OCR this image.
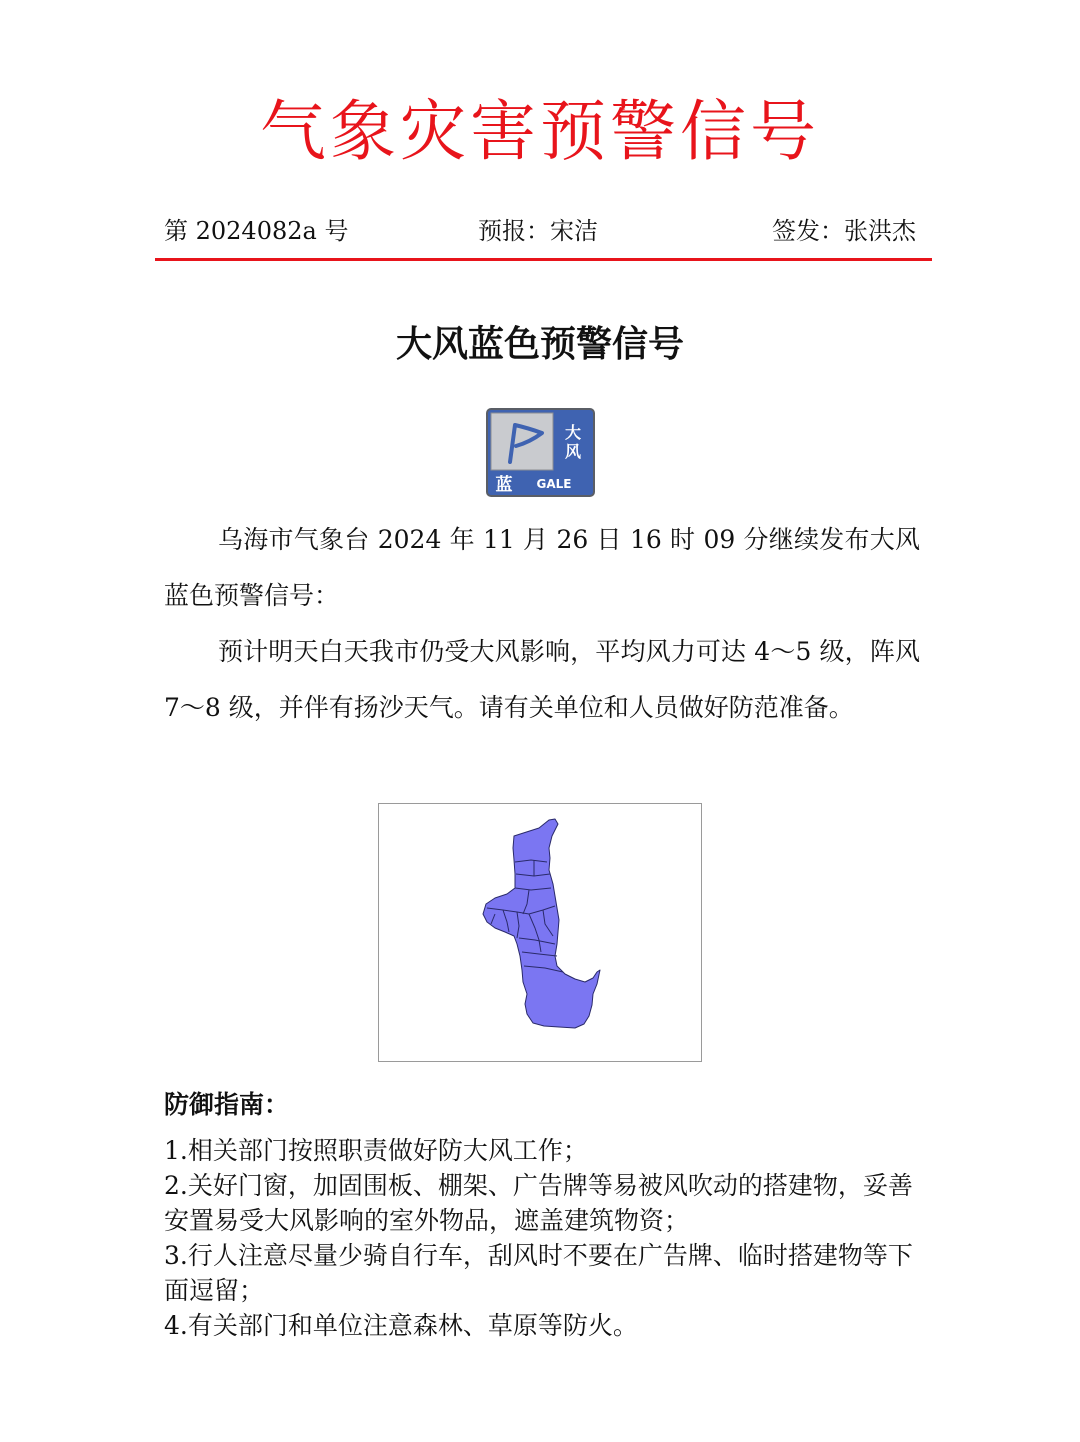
气象灾害预警信号
第 2024082a 号	预报：宋洁	签发：张洪杰
大风蓝色预警信号
大
风
蓝 GALE

乌海市气象台 2024 年 11 月 26 日 16 时 09 分继续发布大风蓝色预警信号：

预计明天白天我市仍受大风影响，平均风力可达 4～5 级，阵风 7～8 级，并伴有扬沙天气。请有关单位和人员做好防范准备。

防御指南：
1.相关部门按照职责做好防大风工作；
2.关好门窗，加固围板、棚架、广告牌等易被风吹动的搭建物，妥善安置易受大风影响的室外物品，遮盖建筑物资；
3.行人注意尽量少骑自行车，刮风时不要在广告牌、临时搭建物等下面逗留；
4.有关部门和单位注意森林、草原等防火。
